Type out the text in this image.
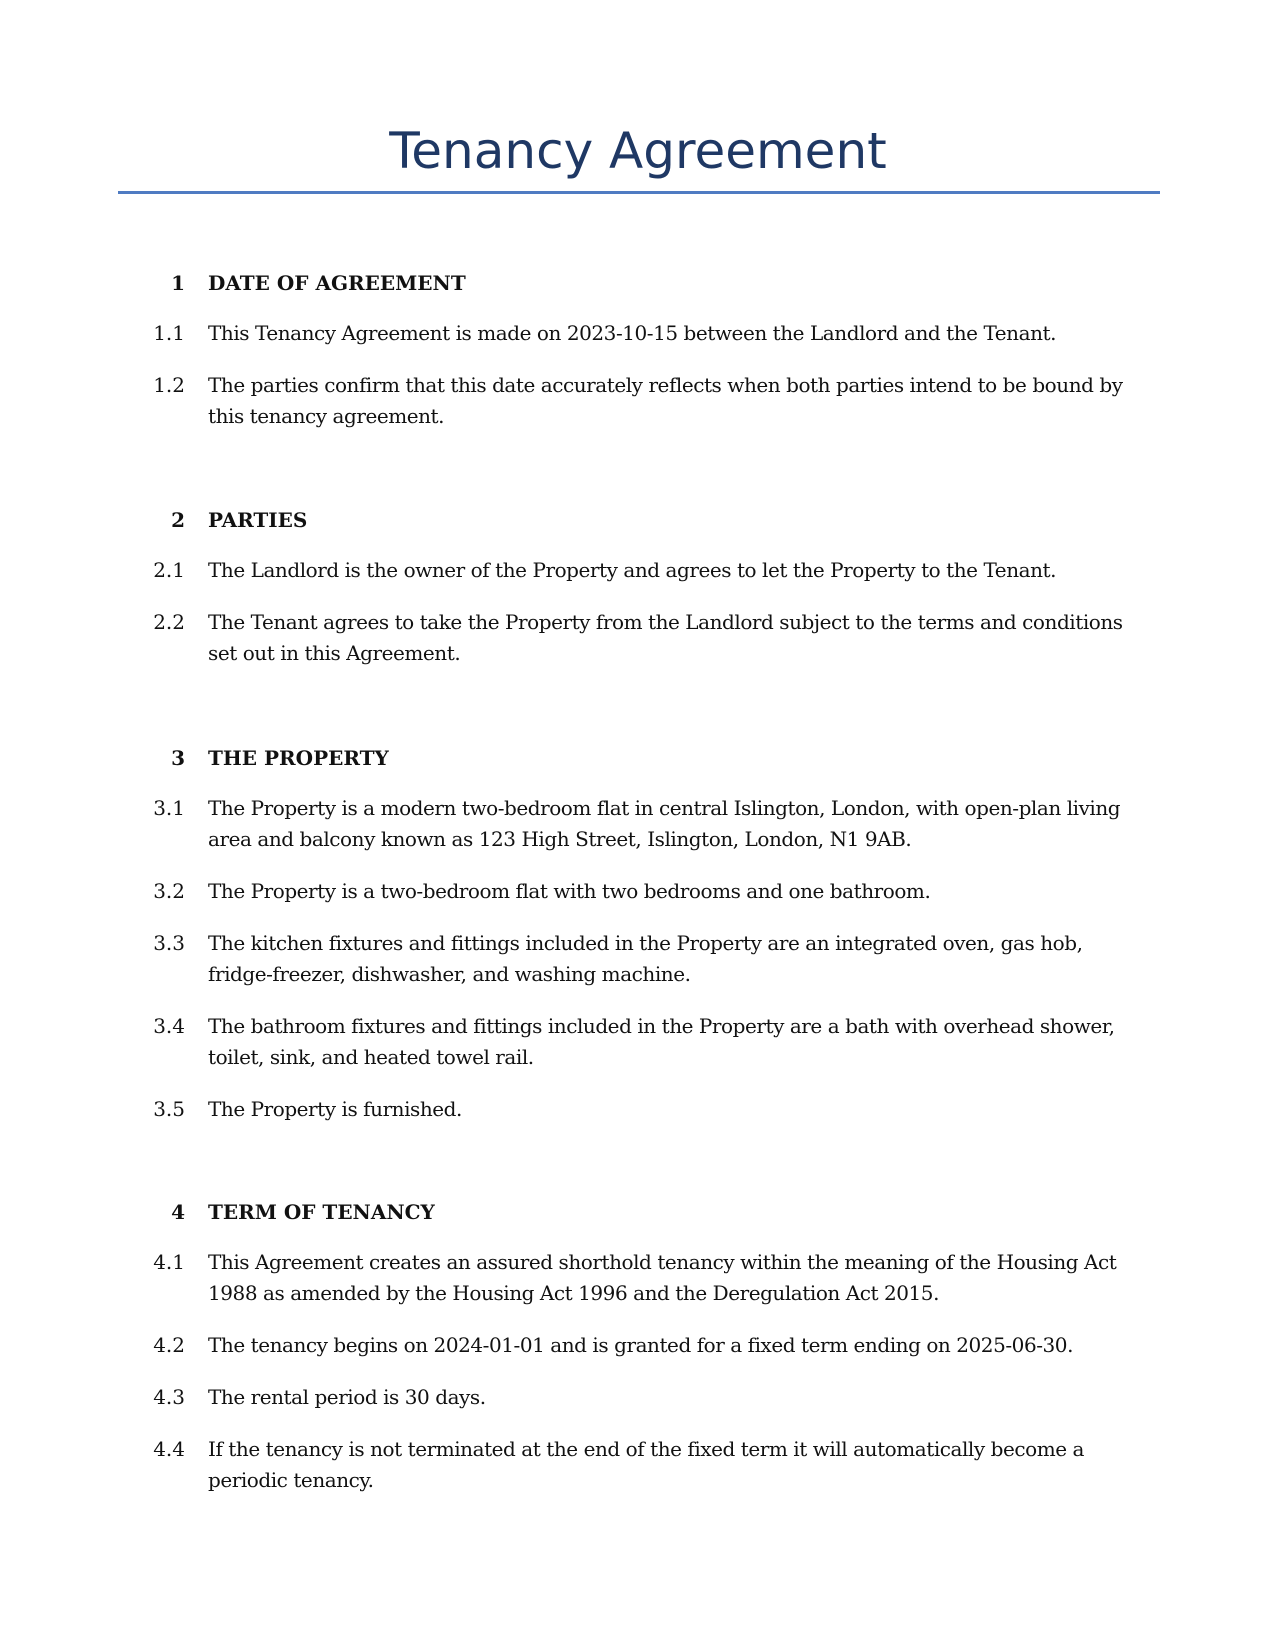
Tenancy Agreement
1 DATE OF AGREEMENT
1.1 This Tenancy Agreement is made on 2023-10-15 between the Landlord and the Tenant.
1.2 The parties confirm that this date accurately reflects when both parties intend to be bound by this tenancy agreement.
2 PARTIES
2.1 The Landlord is the owner of the Property and agrees to let the Property to the Tenant.
2.2 The Tenant agrees to take the Property from the Landlord subject to the terms and conditions set out in this Agreement.
3 THE PROPERTY
3.1 The Property is a modern two-bedroom flat in central Islington, London, with open-plan living area and balcony known as 123 High Street, Islington, London, N1 9AB.
3.2 The Property is a two-bedroom flat with two bedrooms and one bathroom.
3.3 The kitchen fixtures and fittings included in the Property are an integrated oven, gas hob, fridge-freezer, dishwasher, and washing machine.
3.4 The bathroom fixtures and fittings included in the Property are a bath with overhead shower, toilet, sink, and heated towel rail.
3.5 The Property is furnished.
4 TERM OF TENANCY
4.1 This Agreement creates an assured shorthold tenancy within the meaning of the Housing Act 1988 as amended by the Housing Act 1996 and the Deregulation Act 2015.
4.2 The tenancy begins on 2024-01-01 and is granted for a fixed term ending on 2025-06-30.
4.3 The rental period is 30 days.
4.4 If the tenancy is not terminated at the end of the fixed term it will automatically become a periodic tenancy.
